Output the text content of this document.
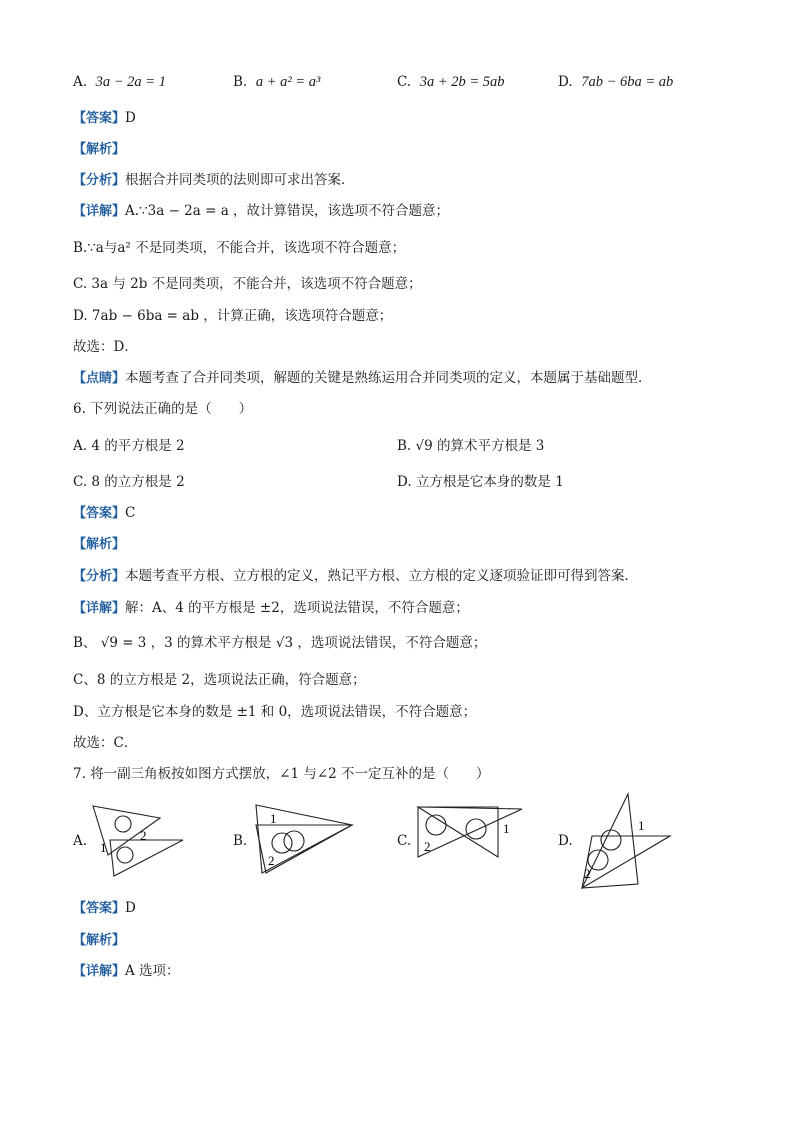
A. 3a − 2a = 1	B. a + a² = a³	C. 3a + 2b = 5ab	D. 7ab − 6ba = ab
【答案】D
【解析】
【分析】根据合并同类项的法则即可求出答案．
【详解】A.∵3a − 2a = a ，故计算错误，该选项不符合题意；
B.∵a与a² 不是同类项，不能合并，该选项不符合题意；
C. 3a 与 2b 不是同类项，不能合并，该选项不符合题意；
D. 7ab − 6ba = ab ，计算正确，该选项符合题意；
故选：D．
【点睛】本题考查了合并同类项，解题的关键是熟练运用合并同类项的定义，本题属于基础题型．
6. 下列说法正确的是（　　）
A. 4 的平方根是 2	B. √9 的算术平方根是 3
C. 8 的立方根是 2	D. 立方根是它本身的数是 1
【答案】C
【解析】
【分析】本题考查平方根、立方根的定义，熟记平方根、立方根的定义逐项验证即可得到答案．
【详解】解：A、4 的平方根是 ±2，选项说法错误，不符合题意；
B、 √9 = 3 ，3 的算术平方根是 √3 ，选项说法错误，不符合题意；
C、8 的立方根是 2，选项说法正确，符合题意；
D、立方根是它本身的数是 ±1 和 0，选项说法错误，不符合题意；
故选：C．
7. 将一副三角板按如图方式摆放，∠1 与∠2 不一定互补的是（　　）
A. 1
2	B.
1
2
C.
1
2	D.
1
2
【答案】D
【解析】
【详解】A 选项：
